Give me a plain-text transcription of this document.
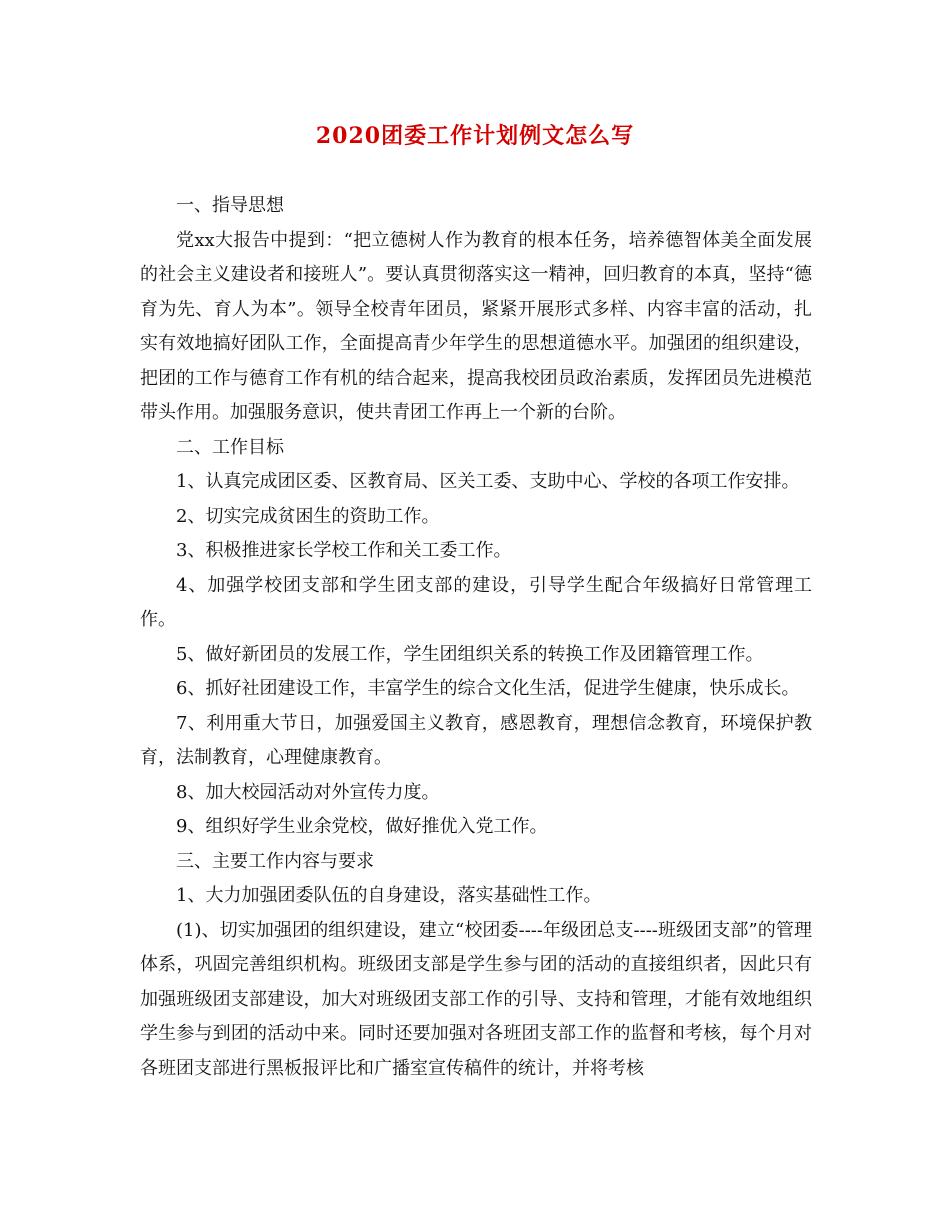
2020团委工作计划例文怎么写

一、指导思想

党xx大报告中提到：“把立德树人作为教育的根本任务，培养德智体美全面发展的社会主义建设者和接班人”。要认真贯彻落实这一精神，回归教育的本真，坚持“德育为先、育人为本”。领导全校青年团员，紧紧开展形式多样、内容丰富的活动，扎实有效地搞好团队工作，全面提高青少年学生的思想道德水平。加强团的组织建设，把团的工作与德育工作有机的结合起来，提高我校团员政治素质，发挥团员先进模范带头作用。加强服务意识，使共青团工作再上一个新的台阶。

二、工作目标

1、认真完成团区委、区教育局、区关工委、支助中心、学校的各项工作安排。

2、切实完成贫困生的资助工作。

3、积极推进家长学校工作和关工委工作。

4、加强学校团支部和学生团支部的建设，引导学生配合年级搞好日常管理工作。

5、做好新团员的发展工作，学生团组织关系的转换工作及团籍管理工作。

6、抓好社团建设工作，丰富学生的综合文化生活，促进学生健康，快乐成长。

7、利用重大节日，加强爱国主义教育，感恩教育，理想信念教育，环境保护教育，法制教育，心理健康教育。

8、加大校园活动对外宣传力度。

9、组织好学生业余党校，做好推优入党工作。

三、主要工作内容与要求

1、大力加强团委队伍的自身建设，落实基础性工作。

(1)、切实加强团的组织建设，建立“校团委----年级团总支----班级团支部”的管理体系，巩固完善组织机构。班级团支部是学生参与团的活动的直接组织者，因此只有加强班级团支部建设，加大对班级团支部工作的引导、支持和管理，才能有效地组织学生参与到团的活动中来。同时还要加强对各班团支部工作的监督和考核，每个月对各班团支部进行黑板报评比和广播室宣传稿件的统计，并将考核
